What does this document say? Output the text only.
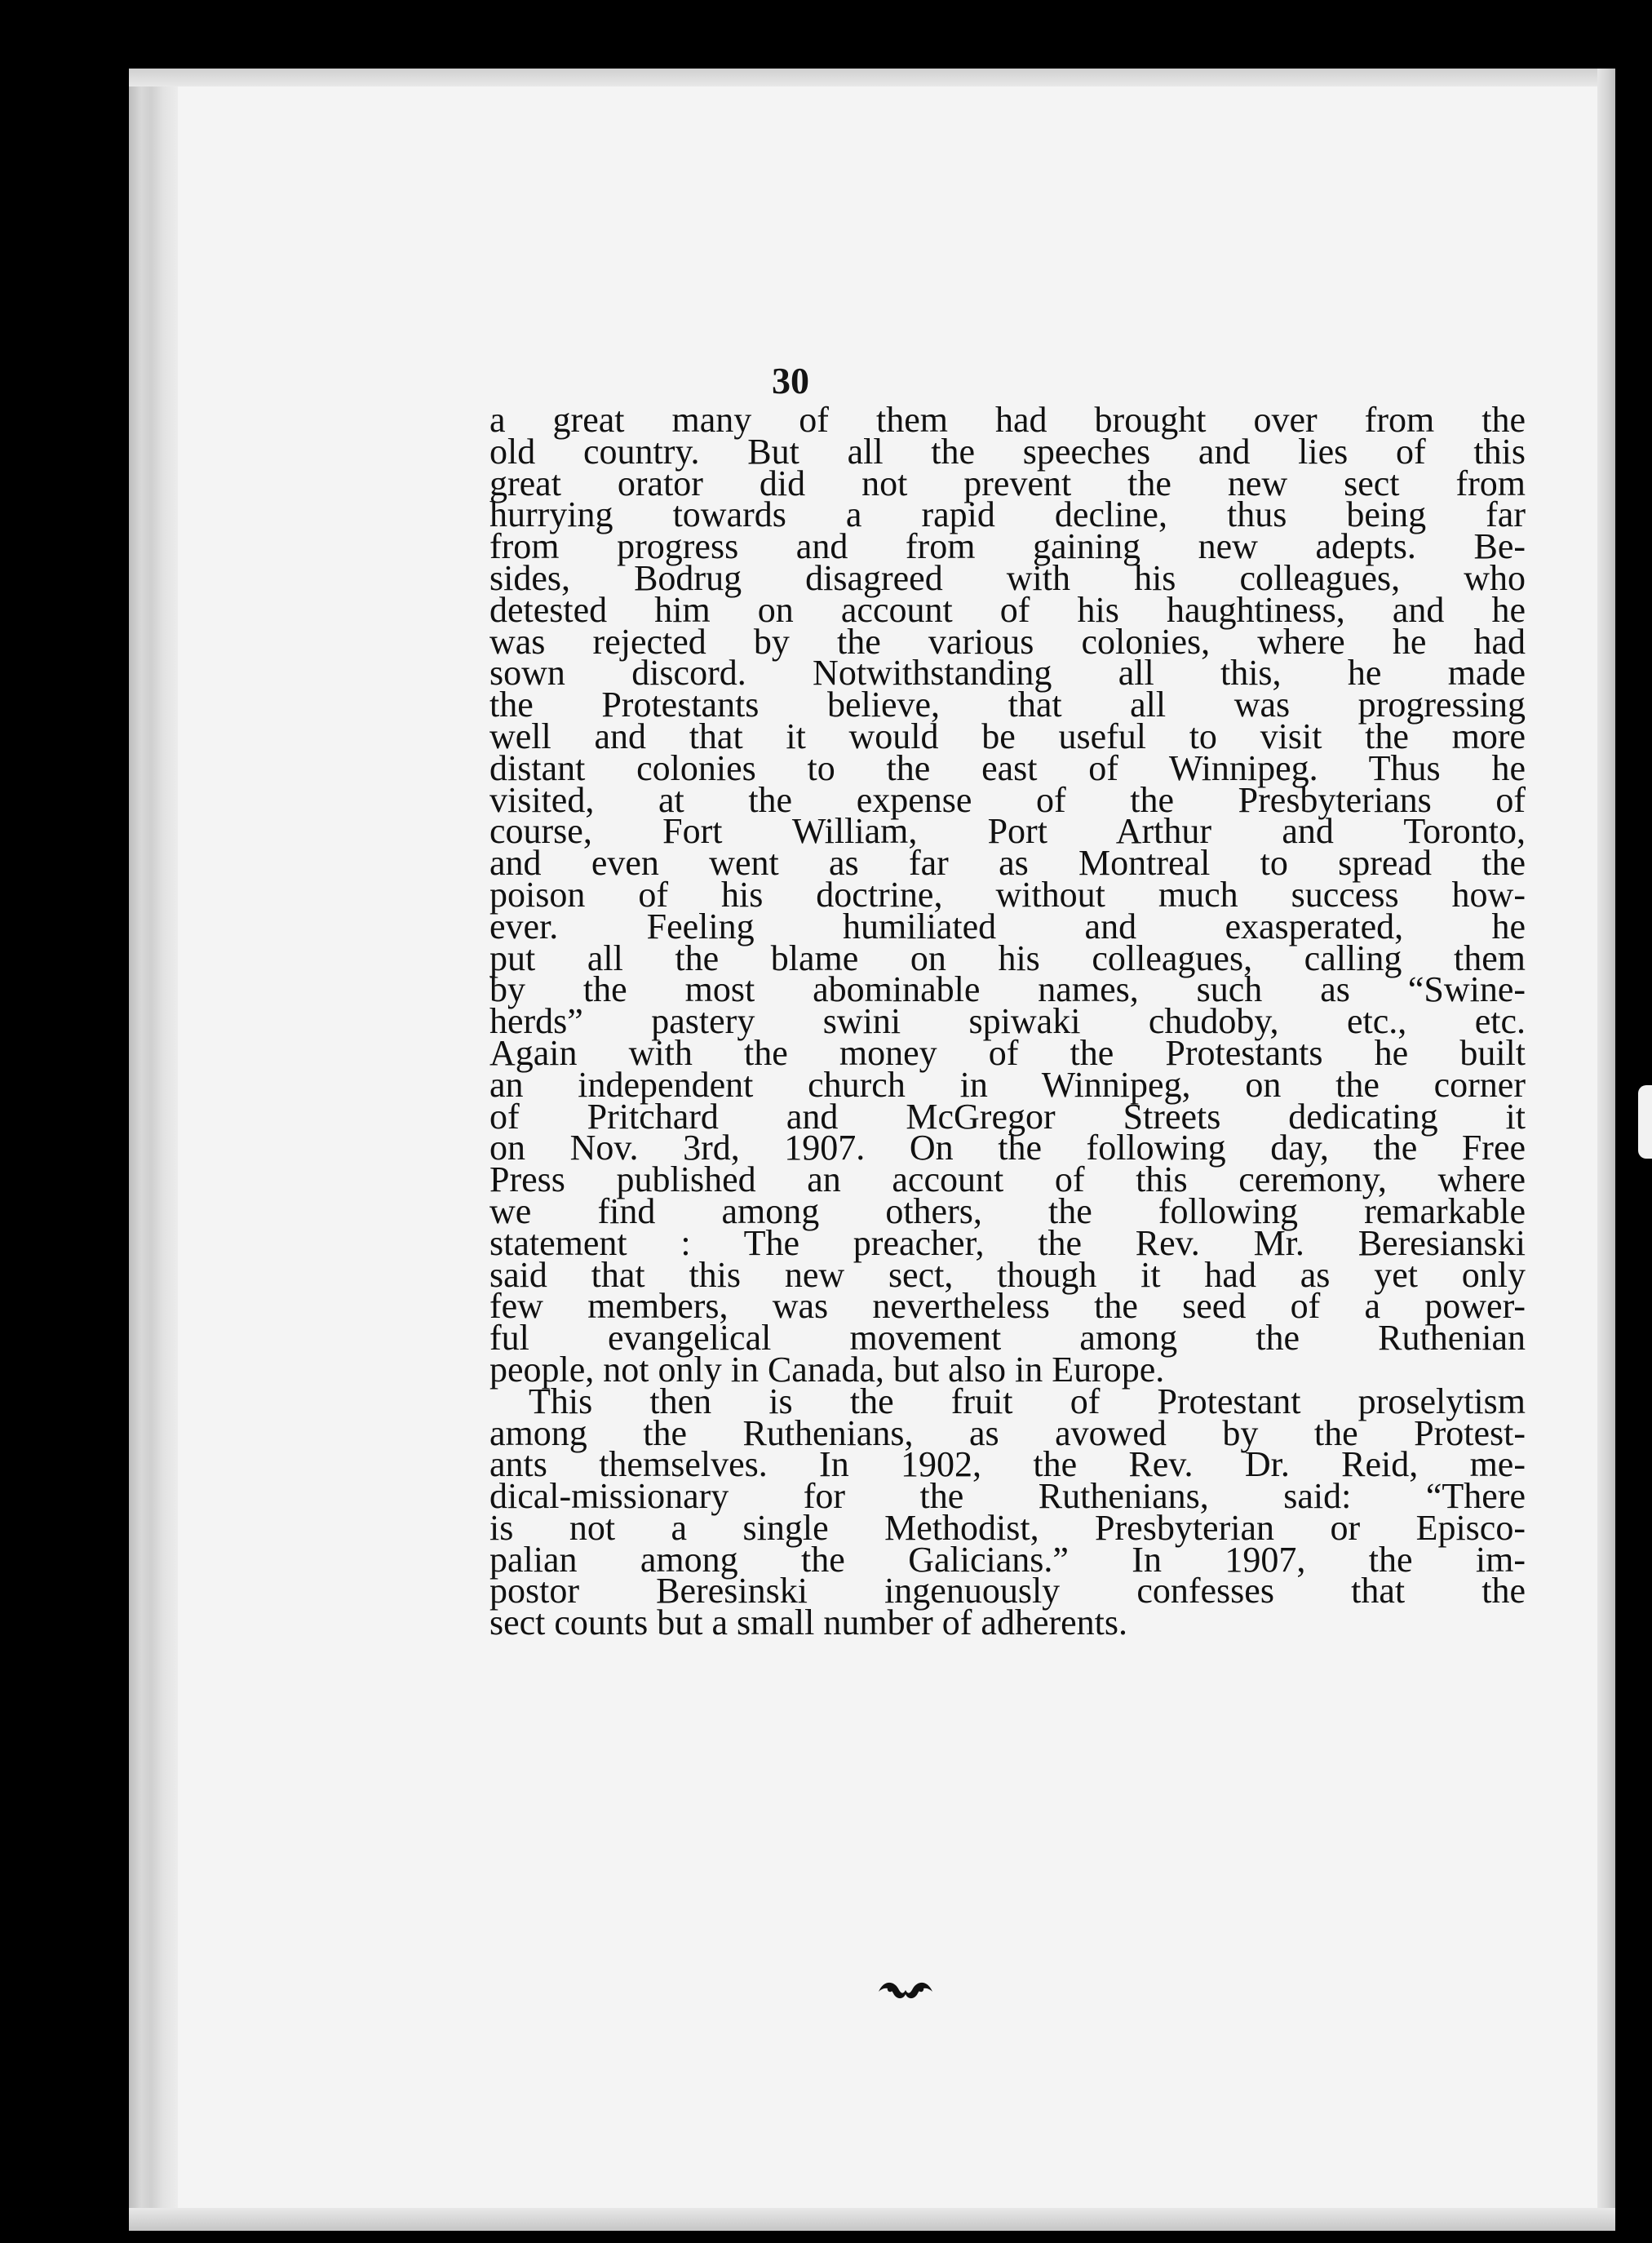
30
a great many of them had brought over from the
old country. But all the speeches and lies of this
great orator did not prevent the new sect from
hurrying towards a rapid decline, thus being far
from progress and from gaining new adepts. Be-
sides, Bodrug disagreed with his colleagues, who
detested him on account of his haughtiness, and he
was rejected by the various colonies, where he had
sown discord. Notwithstanding all this, he made
the Protestants believe, that all was progressing
well and that it would be useful to visit the more
distant colonies to the east of Winnipeg. Thus he
visited, at the expense of the Presbyterians of
course, Fort William, Port Arthur and Toronto,
and even went as far as Montreal to spread the
poison of his doctrine, without much success how-
ever. Feeling humiliated and exasperated, he
put all the blame on his colleagues, calling them
by the most abominable names, such as “Swine-
herds” pastery swini spiwaki chudoby, etc., etc.
Again with the money of the Protestants he built
an independent church in Winnipeg, on the corner
of Pritchard and McGregor Streets dedicating it
on Nov. 3rd, 1907. On the following day, the Free
Press published an account of this ceremony, where
we find among others, the following remarkable
statement : The preacher, the Rev. Mr. Beresianski
said that this new sect, though it had as yet only
few members, was nevertheless the seed of a power-
ful evangelical movement among the Ruthenian
people, not only in Canada, but also in Europe.
This then is the fruit of Protestant proselytism
among the Ruthenians, as avowed by the Protest-
ants themselves. In 1902, the Rev. Dr. Reid, me-
dical-missionary for the Ruthenians, said: “There
is not a single Methodist, Presbyterian or Episco-
palian among the Galicians.” In 1907, the im-
postor Beresinski ingenuously confesses that the
sect counts but a small number of adherents.
